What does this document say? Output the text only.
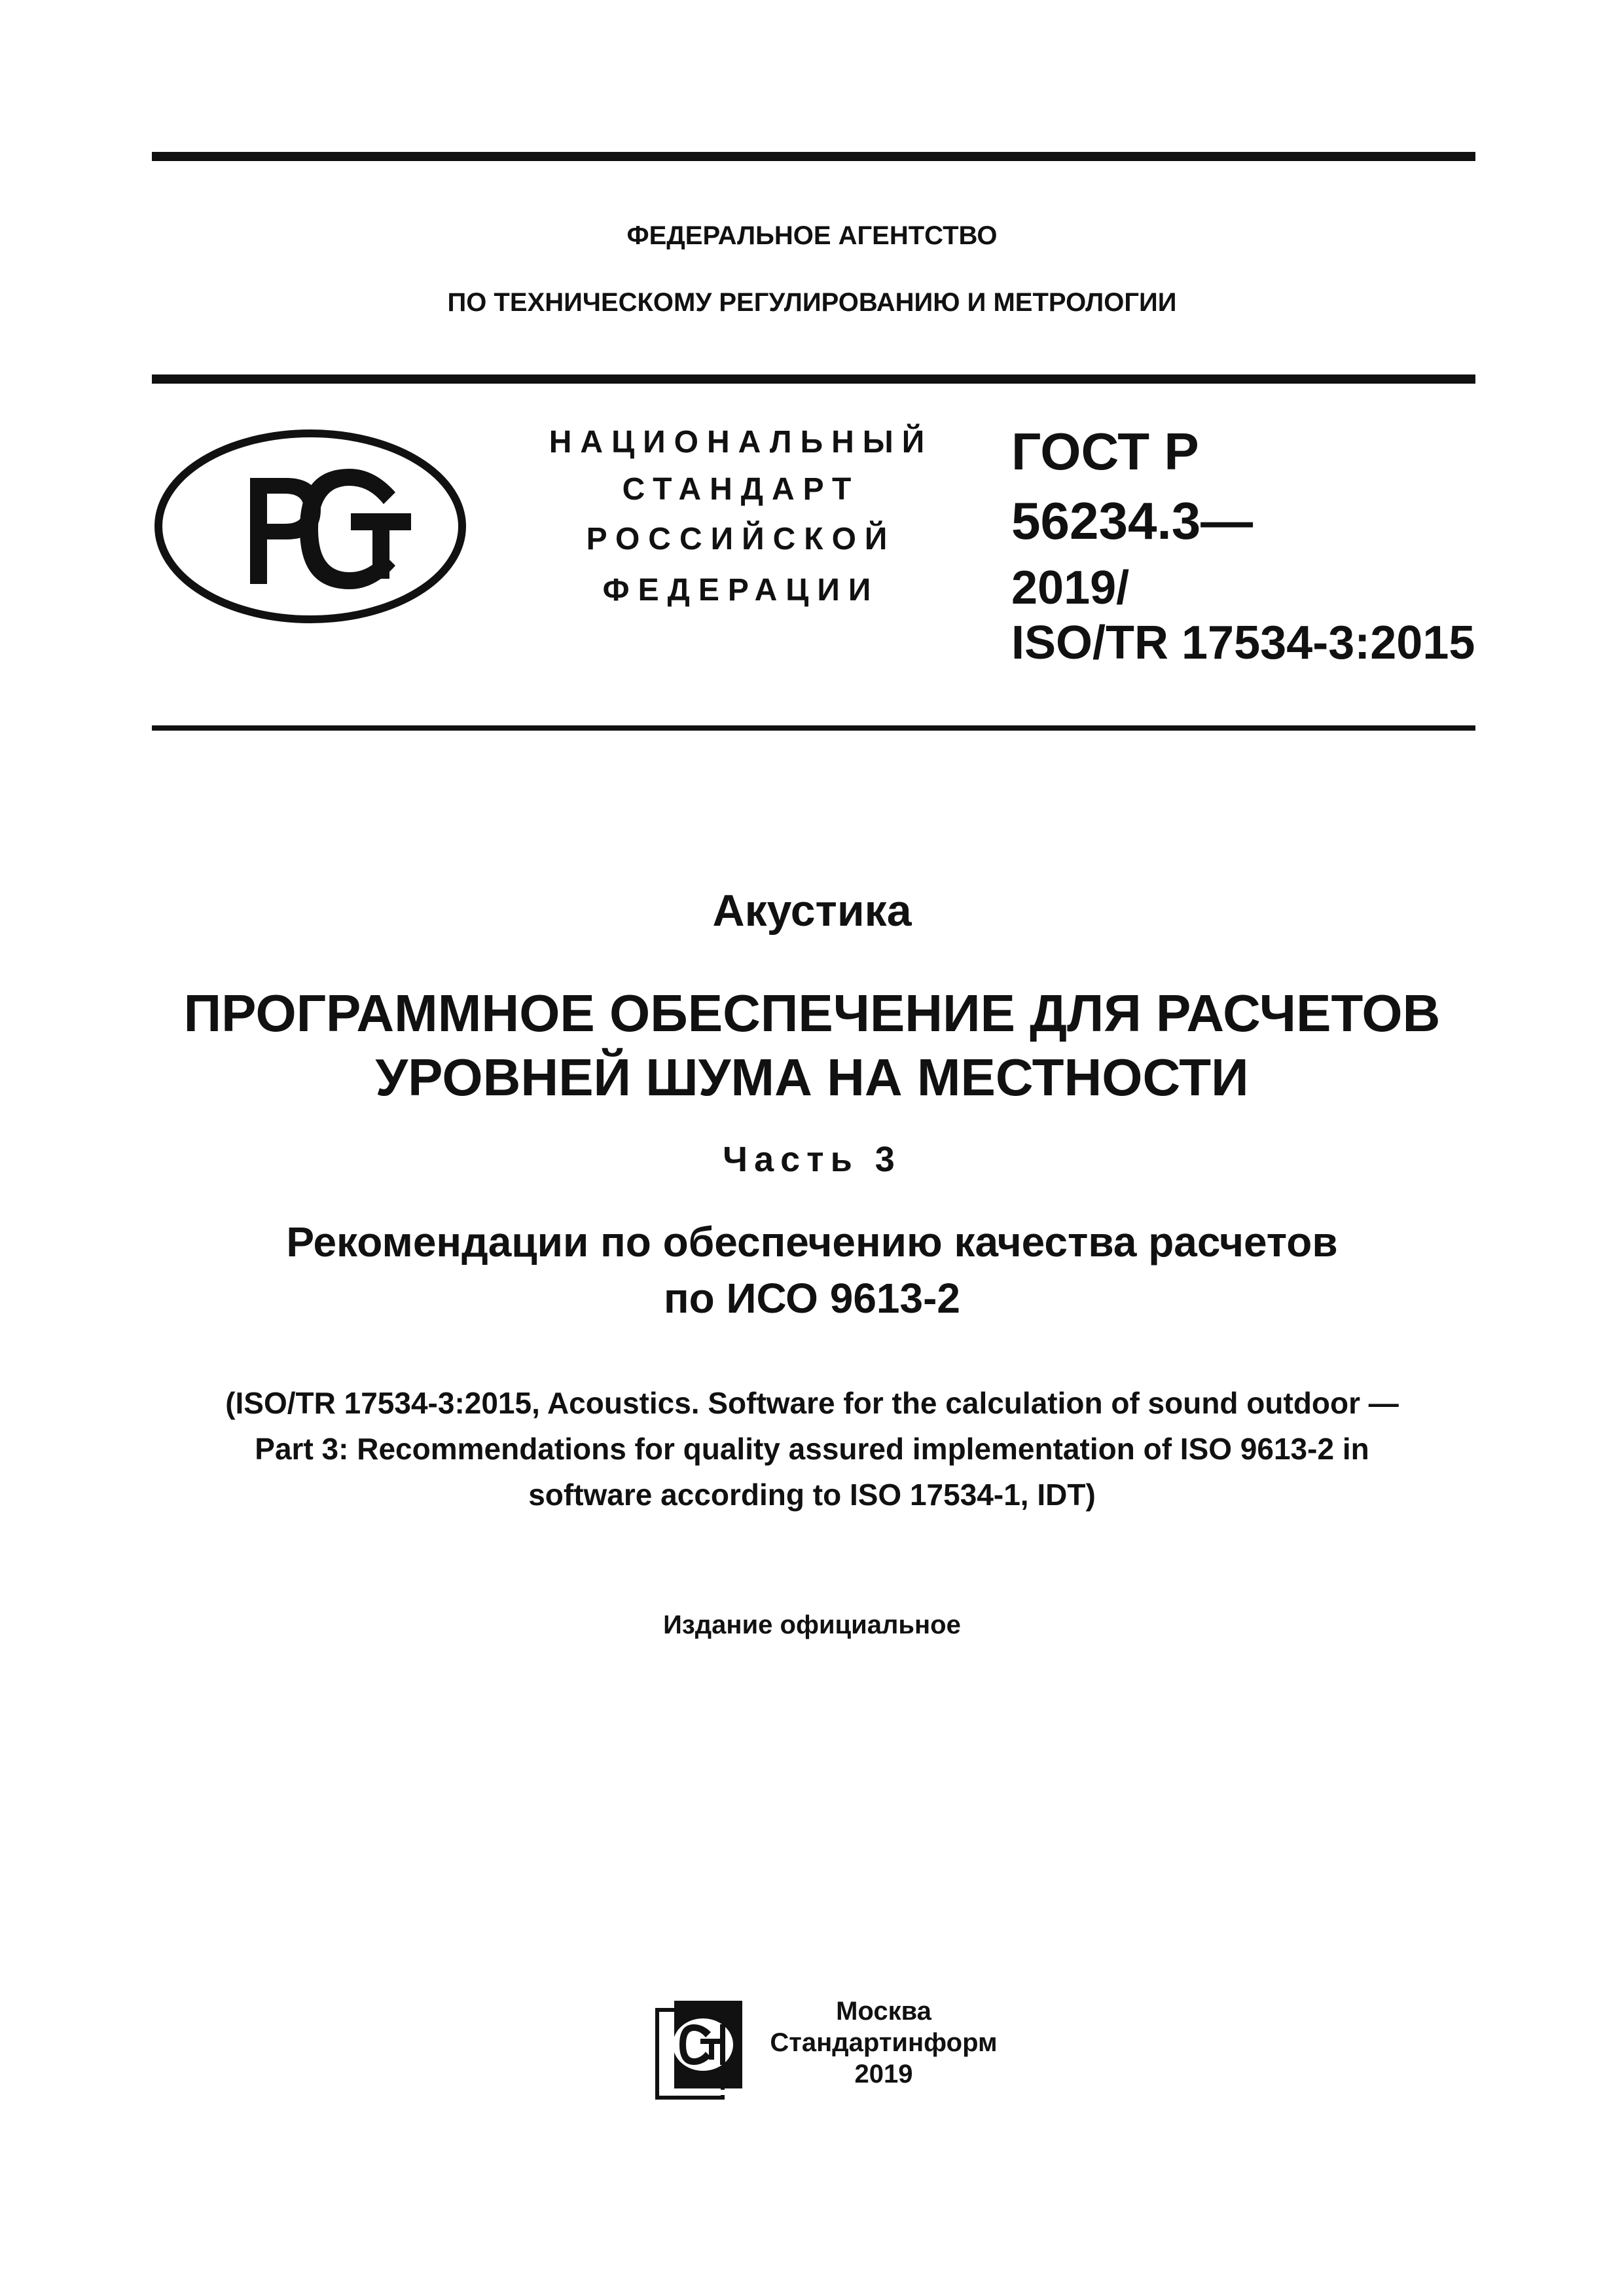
ФЕДЕРАЛЬНОЕ АГЕНТСТВО
ПО ТЕХНИЧЕСКОМУ РЕГУЛИРОВАНИЮ И МЕТРОЛОГИИ
НАЦИОНАЛЬНЫЙ
СТАНДАРТ
РОССИЙСКОЙ
ФЕДЕРАЦИИ
ГОСТ Р
56234.3—
2019/
ISO/TR 17534-3:2015
Акустика
ПРОГРАММНОЕ ОБЕСПЕЧЕНИЕ ДЛЯ РАСЧЕТОВ
УРОВНЕЙ ШУМА НА МЕСТНОСТИ
Часть 3
Рекомендации по обеспечению качества расчетов
по ИСО 9613-2
(ISO/TR 17534-3:2015, Acoustics. Software for the calculation of sound outdoor —
Part 3: Recommendations for quality assured implementation of ISO 9613-2 in
software according to ISO 17534-1, IDT)
Издание официальное
Москва
Стандартинформ
2019
